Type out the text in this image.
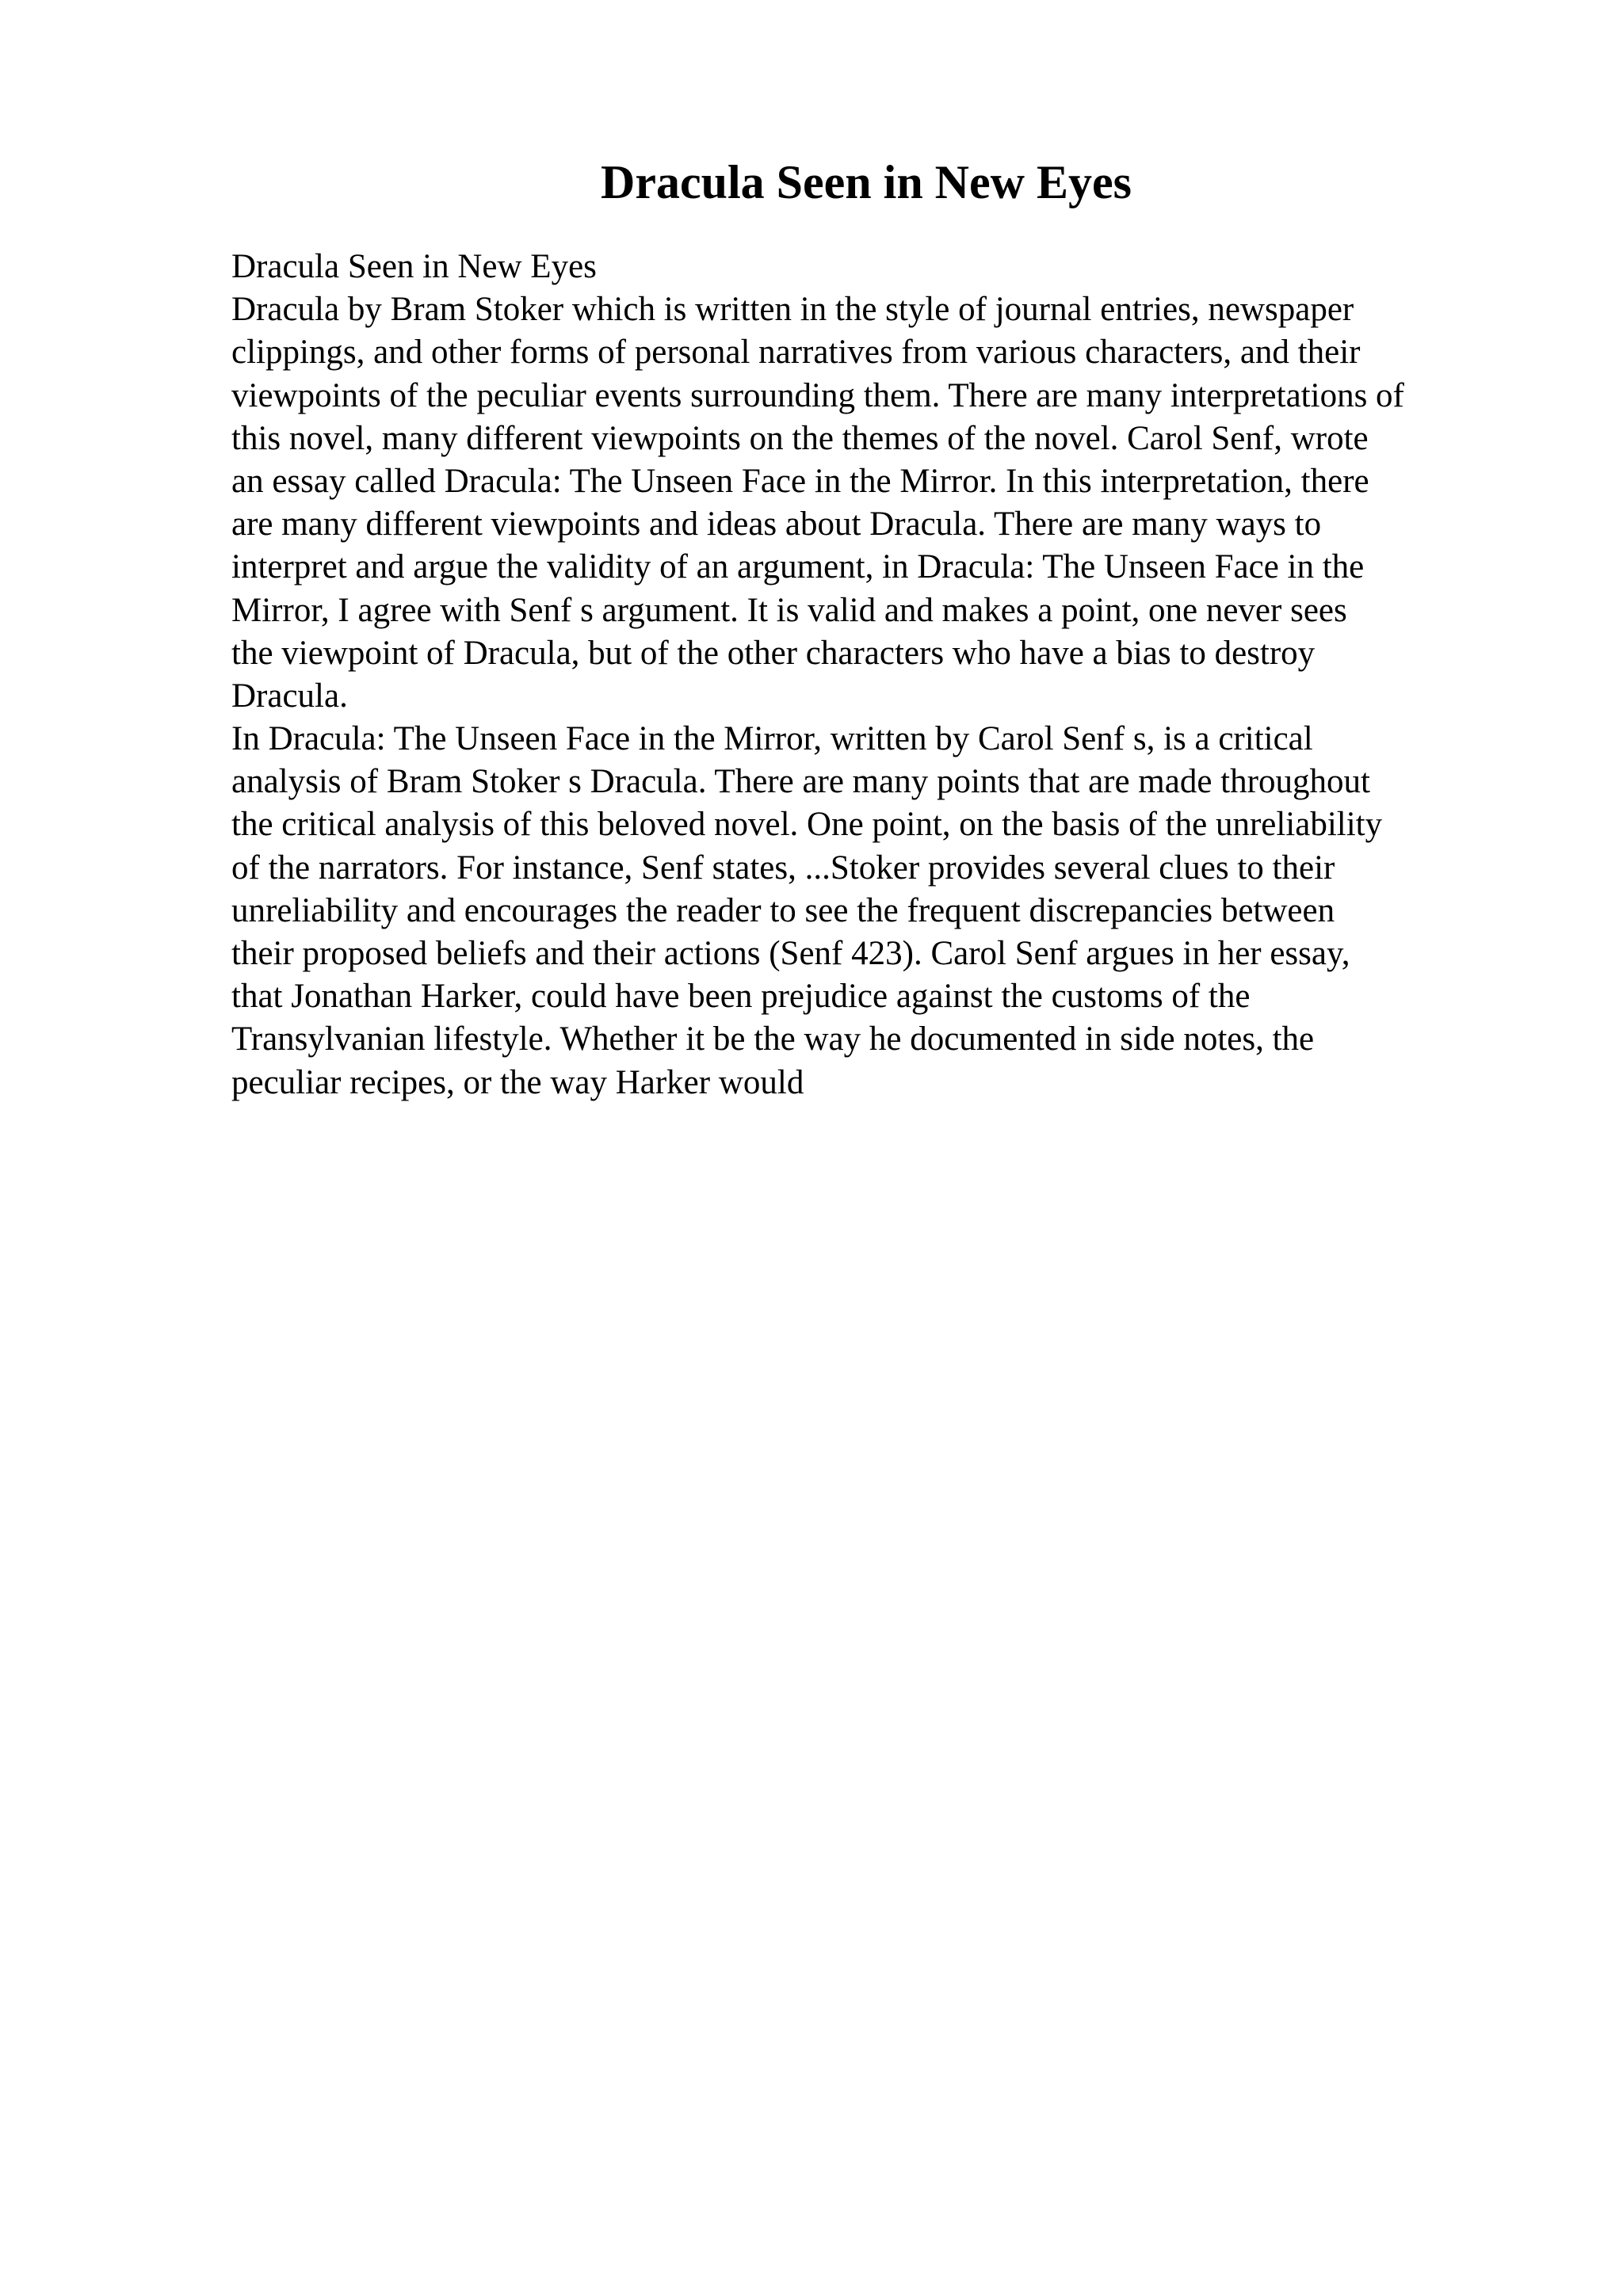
Dracula Seen in New Eyes
Dracula Seen in New Eyes
Dracula by Bram Stoker which is written in the style of journal entries, newspaper
clippings, and other forms of personal narratives from various characters, and their
viewpoints of the peculiar events surrounding them. There are many interpretations of
this novel, many different viewpoints on the themes of the novel. Carol Senf, wrote
an essay called Dracula: The Unseen Face in the Mirror. In this interpretation, there
are many different viewpoints and ideas about Dracula. There are many ways to
interpret and argue the validity of an argument, in Dracula: The Unseen Face in the
Mirror, I agree with Senf s argument. It is valid and makes a point, one never sees
the viewpoint of Dracula, but of the other characters who have a bias to destroy
Dracula.
In Dracula: The Unseen Face in the Mirror, written by Carol Senf s, is a critical
analysis of Bram Stoker s Dracula. There are many points that are made throughout
the critical analysis of this beloved novel. One point, on the basis of the unreliability
of the narrators. For instance, Senf states, ...Stoker provides several clues to their
unreliability and encourages the reader to see the frequent discrepancies between
their proposed beliefs and their actions (Senf 423). Carol Senf argues in her essay,
that Jonathan Harker, could have been prejudice against the customs of the
Transylvanian lifestyle. Whether it be the way he documented in side notes, the
peculiar recipes, or the way Harker would
